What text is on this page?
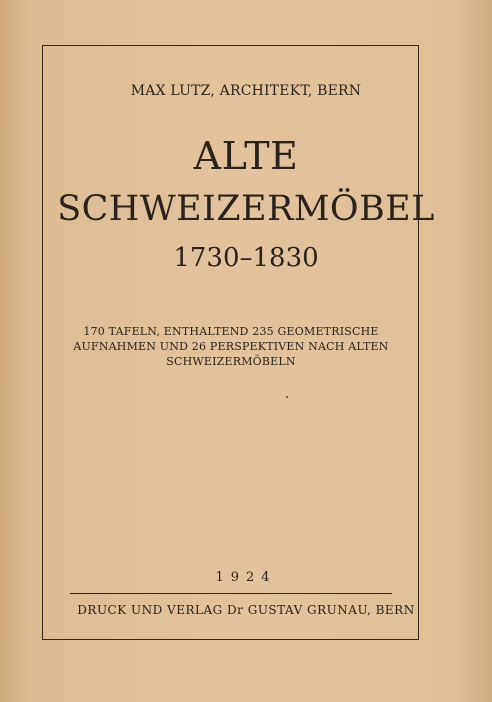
MAX LUTZ, ARCHITEKT, BERN
ALTE
SCHWEIZERMÖBEL
1730–1830
170 TAFELN, ENTHALTEND 235 GEOMETRISCHE AUFNAHMEN UND 26 PERSPEKTIVEN NACH ALTEN SCHWEIZERMÖBELN
1924
DRUCK UND VERLAG Dr GUSTAV GRUNAU, BERN
